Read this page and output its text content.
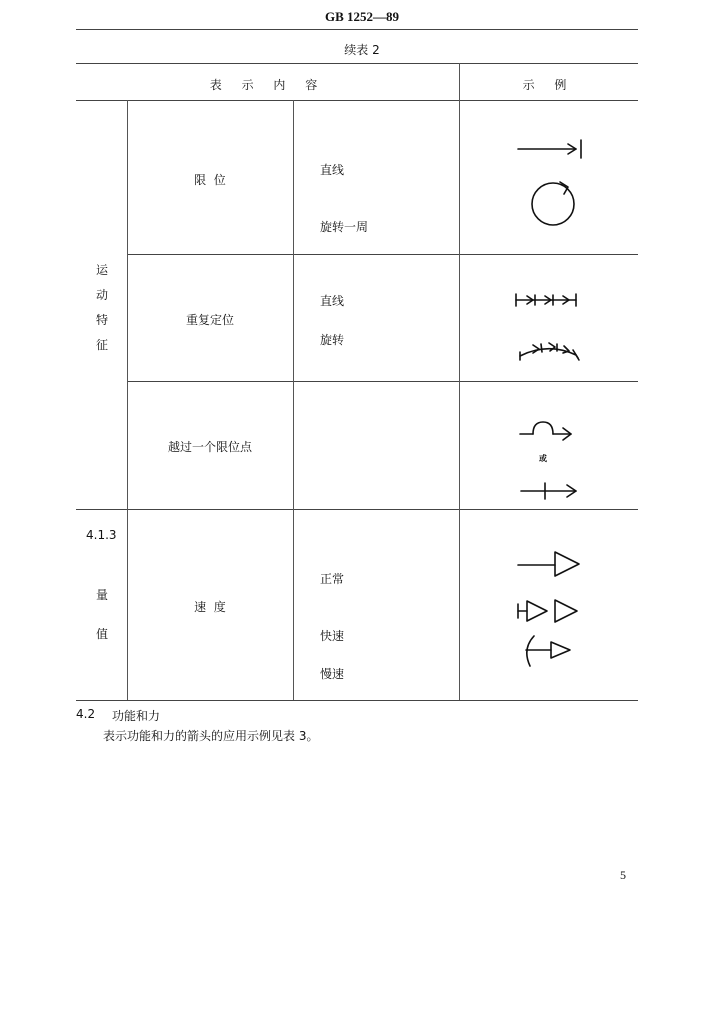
GB 1252—89
续表 2
表 示 内 容	示 例
运
动
特
征
限  位
直线
旋转一周
重复定位
直线
旋转
越过一个限位点
或
4.1.3
量
值
速  度
正常
快速
慢速
4.2 功能和力
表示功能和力的箭头的应用示例见表 3。
5
